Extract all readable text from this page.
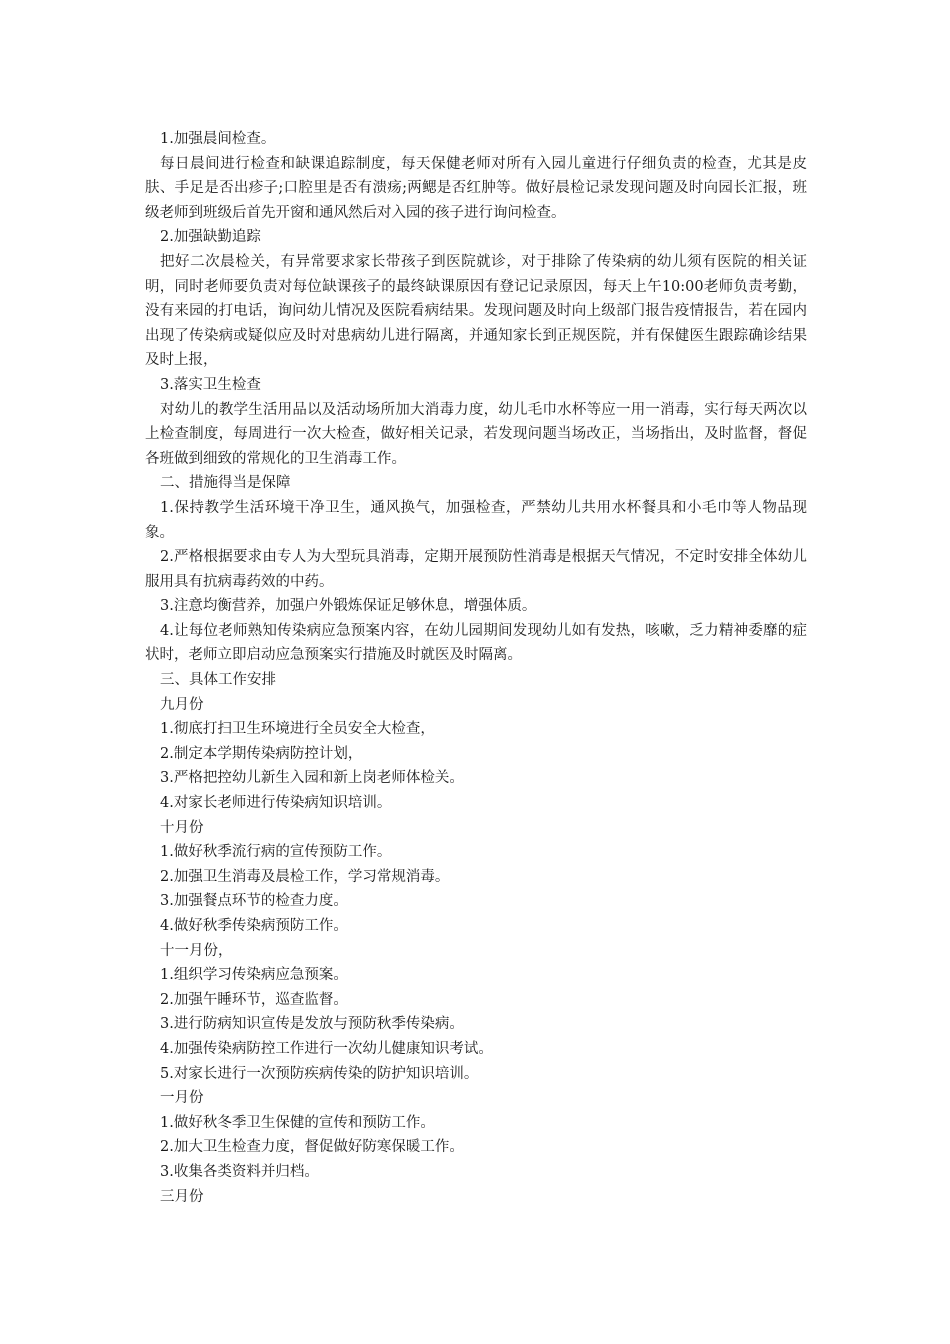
1.加强晨间检查。

每日晨间进行检查和缺课追踪制度，每天保健老师对所有入园儿童进行仔细负责的检查，尤其是皮肤、手足是否出疹子;口腔里是否有溃疡;两鳃是否红肿等。做好晨检记录发现问题及时向园长汇报，班级老师到班级后首先开窗和通风然后对入园的孩子进行询问检查。

2.加强缺勤追踪

把好二次晨检关，有异常要求家长带孩子到医院就诊，对于排除了传染病的幼儿须有医院的相关证明，同时老师要负责对每位缺课孩子的最终缺课原因有登记记录原因，每天上午10:00老师负责考勤，没有来园的打电话，询问幼儿情况及医院看病结果。发现问题及时向上级部门报告疫情报告，若在园内出现了传染病或疑似应及时对患病幼儿进行隔离，并通知家长到正规医院，并有保健医生跟踪确诊结果及时上报，

3.落实卫生检查

对幼儿的教学生活用品以及活动场所加大消毒力度，幼儿毛巾水杯等应一用一消毒，实行每天两次以上检查制度，每周进行一次大检查，做好相关记录，若发现问题当场改正，当场指出，及时监督，督促各班做到细致的常规化的卫生消毒工作。

二、措施得当是保障

1.保持教学生活环境干净卫生，通风换气，加强检查，严禁幼儿共用水杯餐具和小毛巾等人物品现象。

2.严格根据要求由专人为大型玩具消毒，定期开展预防性消毒是根据天气情况，不定时安排全体幼儿服用具有抗病毒药效的中药。

3.注意均衡营养，加强户外锻炼保证足够休息，增强体质。

4.让每位老师熟知传染病应急预案内容，在幼儿园期间发现幼儿如有发热，咳嗽，乏力精神委靡的症状时，老师立即启动应急预案实行措施及时就医及时隔离。

三、具体工作安排

九月份

1.彻底打扫卫生环境进行全员安全大检查，

2.制定本学期传染病防控计划，

3.严格把控幼儿新生入园和新上岗老师体检关。

4.对家长老师进行传染病知识培训。

十月份

1.做好秋季流行病的宣传预防工作。

2.加强卫生消毒及晨检工作，学习常规消毒。

3.加强餐点环节的检查力度。

4.做好秋季传染病预防工作。

十一月份，

1.组织学习传染病应急预案。

2.加强午睡环节，巡查监督。

3.进行防病知识宣传是发放与预防秋季传染病。

4.加强传染病防控工作进行一次幼儿健康知识考试。

5.对家长进行一次预防疾病传染的防护知识培训。

一月份

1.做好秋冬季卫生保健的宣传和预防工作。

2.加大卫生检查力度，督促做好防寒保暖工作。

3.收集各类资料并归档。

三月份
